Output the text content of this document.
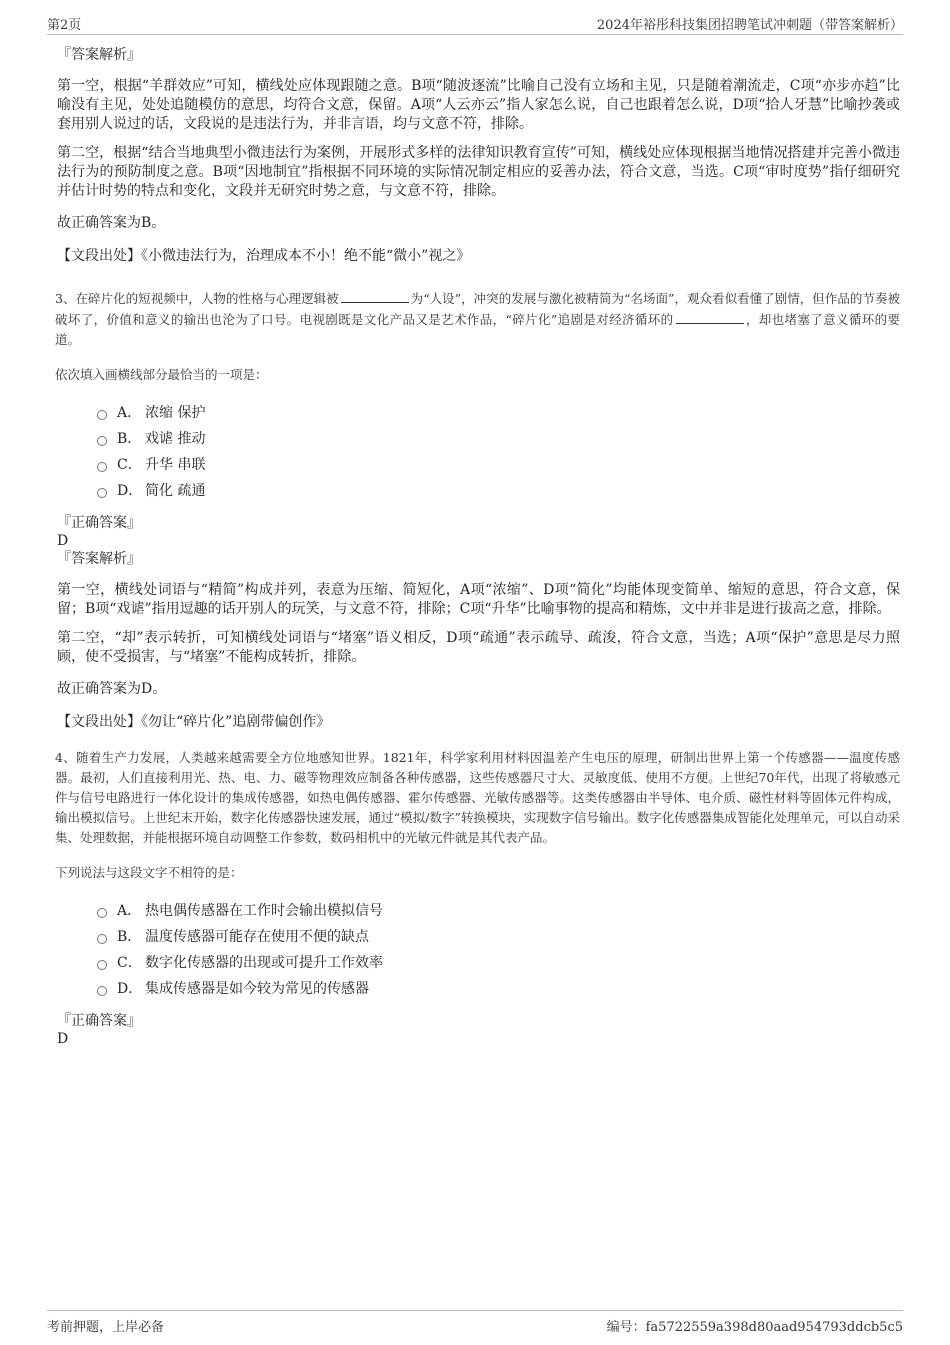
第2页	2024年裕彤科技集团招聘笔试冲刺题（带答案解析）
『答案解析』

第一空，根据“羊群效应”可知，横线处应体现跟随之意。B项“随波逐流”比喻自己没有立场和主见，只是随着潮流走，C项“亦步亦趋”比喻没有主见，处处追随模仿的意思，均符合文意，保留。A项“人云亦云”指人家怎么说，自己也跟着怎么说，D项“拾人牙慧”比喻抄袭或套用别人说过的话，文段说的是违法行为，并非言语，均与文意不符，排除。

第二空，根据“结合当地典型小微违法行为案例，开展形式多样的法律知识教育宣传”可知，横线处应体现根据当地情况搭建并完善小微违法行为的预防制度之意。B项“因地制宜”指根据不同环境的实际情况制定相应的妥善办法，符合文意，当选。C项“审时度势”指仔细研究并估计时势的特点和变化，文段并无研究时势之意，与文意不符，排除。

故正确答案为B。

【文段出处】《小微违法行为，治理成本不小！绝不能“微小”视之》

3、在碎片化的短视频中，人物的性格与心理逻辑被	为“人设”，冲突的发展与激化被精简为“名场面”，观众看似看懂了剧情，但作品的节奏被破坏了，价值和意义的输出也沦为了口号。电视剧既是文化产品又是艺术作品，“碎片化”追剧是对经济循环的	，却也堵塞了意义循环的要道。

依次填入画横线部分最恰当的一项是：

A． 浓缩 保护
B． 戏谑 推动
C． 升华 串联
D． 简化 疏通
『正确答案』
D
『答案解析』

第一空，横线处词语与“精简”构成并列，表意为压缩、简短化，A项“浓缩”、D项“简化”均能体现变简单、缩短的意思，符合文意，保留；B项“戏谑”指用逗趣的话开别人的玩笑，与文意不符，排除；C项“升华”比喻事物的提高和精炼，文中并非是进行拔高之意，排除。

第二空，“却”表示转折，可知横线处词语与“堵塞”语义相反，D项“疏通”表示疏导、疏浚，符合文意，当选；A项“保护”意思是尽力照顾，使不受损害，与“堵塞”不能构成转折，排除。

故正确答案为D。

【文段出处】《勿让“碎片化”追剧带偏创作》

4、随着生产力发展，人类越来越需要全方位地感知世界。1821年，科学家利用材料因温差产生电压的原理，研制出世界上第一个传感器——温度传感器。最初，人们直接利用光、热、电、力、磁等物理效应制备各种传感器，这些传感器尺寸大、灵敏度低、使用不方便。上世纪70年代，出现了将敏感元件与信号电路进行一体化设计的集成传感器，如热电偶传感器、霍尔传感器、光敏传感器等。这类传感器由半导体、电介质、磁性材料等固体元件构成，输出模拟信号。上世纪末开始，数字化传感器快速发展，通过“模拟/数字”转换模块，实现数字信号输出。数字化传感器集成智能化处理单元，可以自动采集、处理数据，并能根据环境自动调整工作参数，数码相机中的光敏元件就是其代表产品。

下列说法与这段文字不相符的是：

A． 热电偶传感器在工作时会输出模拟信号
B． 温度传感器可能存在使用不便的缺点
C． 数字化传感器的出现或可提升工作效率
D． 集成传感器是如今较为常见的传感器
『正确答案』
D
考前押题，上岸必备	编号：fa5722559a398d80aad954793ddcb5c5
